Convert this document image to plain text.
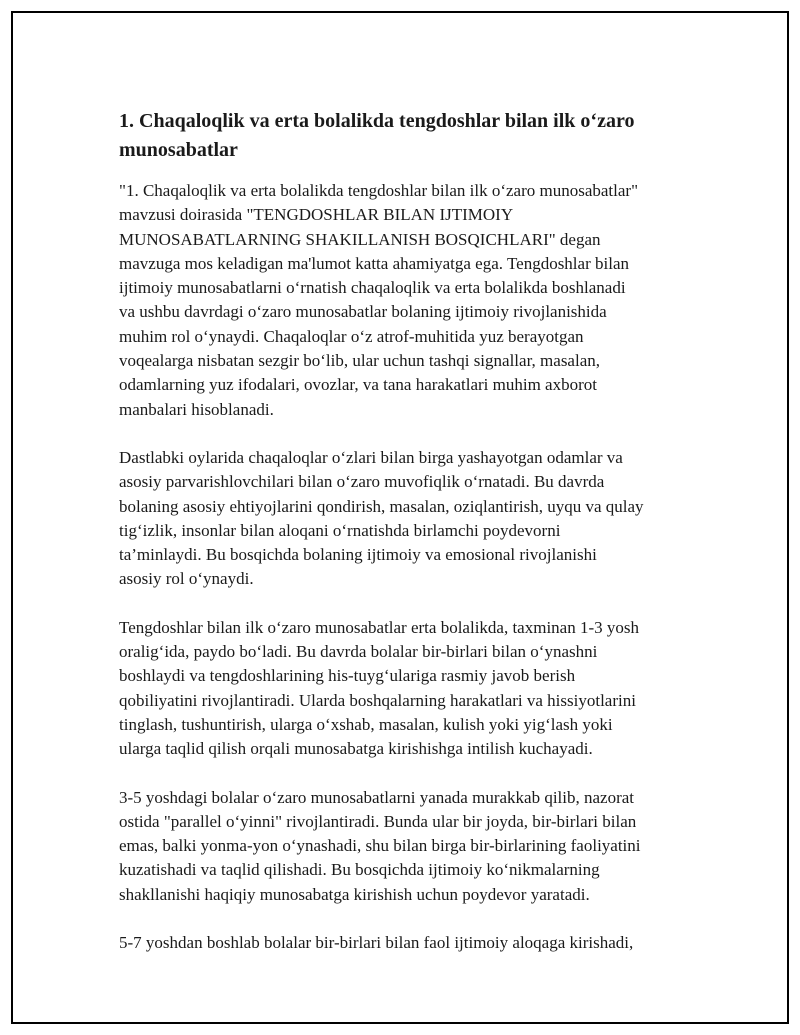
1. Chaqaloqlik va erta bolalikda tengdoshlar bilan ilk o‘zaro
munosabatlar

"1. Chaqaloqlik va erta bolalikda tengdoshlar bilan ilk o‘zaro munosabatlar"
mavzusi doirasida "TENGDOSHLAR BILAN IJTIMOIY
MUNOSABATLARNING SHAKILLANISH BOSQICHLARI" degan
mavzuga mos keladigan ma'lumot katta ahamiyatga ega. Tengdoshlar bilan
ijtimoiy munosabatlarni o‘rnatish chaqaloqlik va erta bolalikda boshlanadi
va ushbu davrdagi o‘zaro munosabatlar bolaning ijtimoiy rivojlanishida
muhim rol o‘ynaydi. Chaqaloqlar o‘z atrof-muhitida yuz berayotgan
voqealarga nisbatan sezgir bo‘lib, ular uchun tashqi signallar, masalan,
odamlarning yuz ifodalari, ovozlar, va tana harakatlari muhim axborot
manbalari hisoblanadi.

Dastlabki oylarida chaqaloqlar o‘zlari bilan birga yashayotgan odamlar va
asosiy parvarishlovchilari bilan o‘zaro muvofiqlik o‘rnatadi. Bu davrda
bolaning asosiy ehtiyojlarini qondirish, masalan, oziqlantirish, uyqu va qulay
tig‘izlik, insonlar bilan aloqani o‘rnatishda birlamchi poydevorni
ta’minlaydi. Bu bosqichda bolaning ijtimoiy va emosional rivojlanishi
asosiy rol o‘ynaydi.

Tengdoshlar bilan ilk o‘zaro munosabatlar erta bolalikda, taxminan 1-3 yosh
oralig‘ida, paydo bo‘ladi. Bu davrda bolalar bir-birlari bilan o‘ynashni
boshlaydi va tengdoshlarining his-tuyg‘ulariga rasmiy javob berish
qobiliyatini rivojlantiradi. Ularda boshqalarning harakatlari va hissiyotlarini
tinglash, tushuntirish, ularga o‘xshab, masalan, kulish yoki yig‘lash yoki
ularga taqlid qilish orqali munosabatga kirishishga intilish kuchayadi.

3-5 yoshdagi bolalar o‘zaro munosabatlarni yanada murakkab qilib, nazorat
ostida "parallel o‘yinni" rivojlantiradi. Bunda ular bir joyda, bir-birlari bilan
emas, balki yonma-yon o‘ynashadi, shu bilan birga bir-birlarining faoliyatini
kuzatishadi va taqlid qilishadi. Bu bosqichda ijtimoiy ko‘nikmalarning
shakllanishi haqiqiy munosabatga kirishish uchun poydevor yaratadi.

5-7 yoshdan boshlab bolalar bir-birlari bilan faol ijtimoiy aloqaga kirishadi,
